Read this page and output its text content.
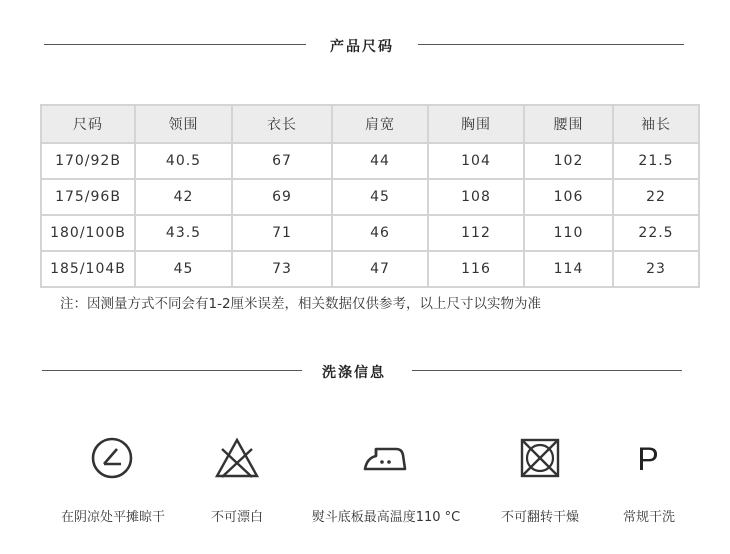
产品尺码
尺码	领围	衣长	肩宽	胸围	腰围	袖长
170/92B	40.5	67	44	104	102	21.5
175/96B	42	69	45	108	106	22
180/100B	43.5	71	46	112	110	22.5
185/104B	45	73	47	116	114	23
注：因测量方式不同会有1-2厘米误差，相关数据仅供参考，以上尺寸以实物为准
洗涤信息
P
在阴凉处平摊晾干	不可漂白	熨斗底板最高温度110 °C	不可翻转干燥	常规干洗
